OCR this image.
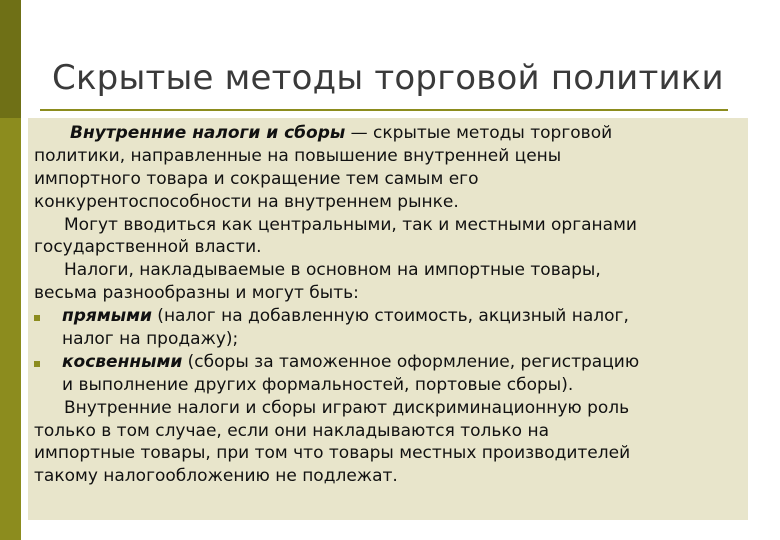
Скрытые методы торговой политики
Внутренние налоги и сборы — скрытые методы торговой
политики, направленные на повышение внутренней цены
импортного товара и сокращение тем самым его
конкурентоспособности на внутреннем рынке.
Могут вводиться как центральными, так и местными органами
государственной власти.
Налоги, накладываемые в основном на импортные товары,
весьма разнообразны и могут быть:
прямыми (налог на добавленную стоимость, акцизный налог,
налог на продажу);
косвенными (сборы за таможенное оформление, регистрацию
и выполнение других формальностей, портовые сборы).
Внутренние налоги и сборы играют дискриминационную роль
только в том случае, если они накладываются только на
импортные товары, при том что товары местных производителей
такому налогообложению не подлежат.
